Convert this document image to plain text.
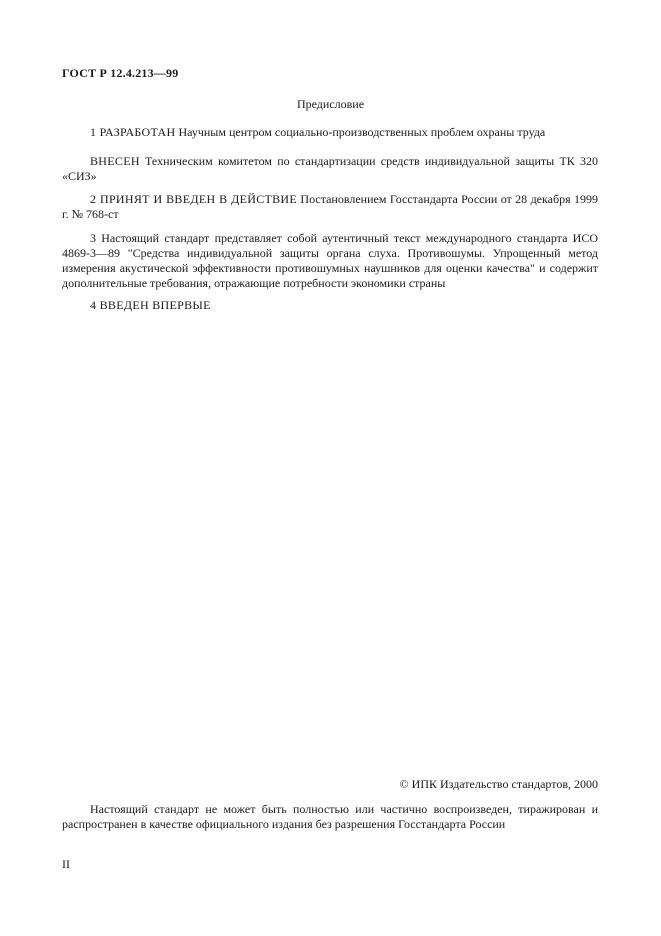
ГОСТ Р 12.4.213—99
Предисловие

1 РАЗРАБОТАН Научным центром социально-производственных проблем охраны труда

ВНЕСЕН Техническим комитетом по стандартизации средств индивидуальной защиты ТК 320 «СИЗ»

2 ПРИНЯТ И ВВЕДЕН В ДЕЙСТВИЕ Постановлением Госстандарта России от 28 декабря 1999 г. № 768-ст

3 Настоящий стандарт представляет собой аутентичный текст международного стандарта ИСО 4869-3—89 "Средства индивидуальной защиты органа слуха. Противошумы. Упрощенный метод измерения акустической эффективности противошумных наушников для оценки качества" и содержит дополнительные требования, отражающие потребности экономики страны

4 ВВЕДЕН ВПЕРВЫЕ

© ИПК Издательство стандартов, 2000

Настоящий стандарт не может быть полностью или частично воспроизведен, тиражирован и распространен в качестве официального издания без разрешения Госстандарта России

II
